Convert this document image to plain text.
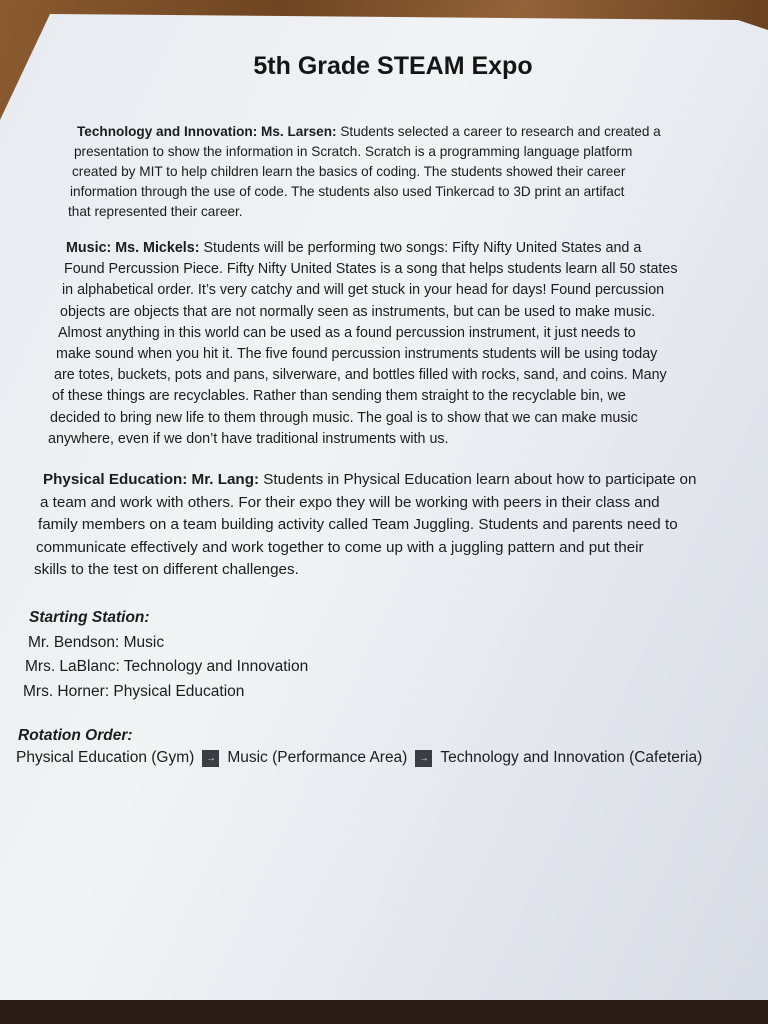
5th Grade STEAM Expo
Technology and Innovation: Ms. Larsen: Students selected a career to research and created a
presentation to show the information in Scratch. Scratch is a programming language platform
created by MIT to help children learn the basics of coding. The students showed their career
information through the use of code. The students also used Tinkercad to 3D print an artifact
that represented their career.
Music: Ms. Mickels: Students will be performing two songs: Fifty Nifty United States and a
Found Percussion Piece. Fifty Nifty United States is a song that helps students learn all 50 states
in alphabetical order. It’s very catchy and will get stuck in your head for days! Found percussion
objects are objects that are not normally seen as instruments, but can be used to make music.
Almost anything in this world can be used as a found percussion instrument, it just needs to
make sound when you hit it. The five found percussion instruments students will be using today
are totes, buckets, pots and pans, silverware, and bottles filled with rocks, sand, and coins. Many
of these things are recyclables. Rather than sending them straight to the recyclable bin, we
decided to bring new life to them through music. The goal is to show that we can make music
anywhere, even if we don’t have traditional instruments with us.
Physical Education: Mr. Lang: Students in Physical Education learn about how to participate on
a team and work with others. For their expo they will be working with peers in their class and
family members on a team building activity called Team Juggling. Students and parents need to
communicate effectively and work together to come up with a juggling pattern and put their
skills to the test on different challenges.
Starting Station:
Mr. Bendson: Music
Mrs. LaBlanc: Technology and Innovation
Mrs. Horner: Physical Education
Rotation Order:
Physical Education (Gym)	→ Music (Performance Area)	→ Technology and Innovation (Cafeteria)
